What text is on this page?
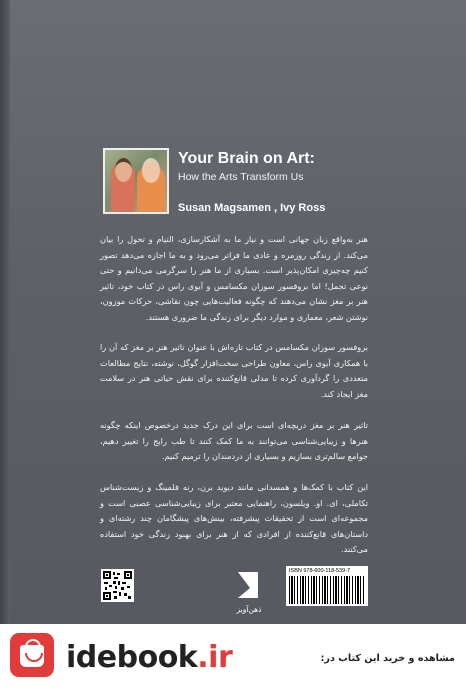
Your Brain on Art:
How the Arts Transform Us
Susan Magsamen , Ivy Ross
هنر به‌واقع زبان جهانی است و نیاز ما به آشکارسازی، التیام و تحول را بیان می‌کند. از زندگی روزمره و عادی ما فراتر می‌رود و به ما اجازه می‌دهد تصور کنیم چه‌چیزی امکان‌پذیر است. بسیاری از ما هنر را سرگرمی می‌دانیم و حتی نوعی تجمل! اما بروفسور سوزان مکسامس و آیوی راس در کتاب خود، تاثیر هنر بر مغز نشان می‌دهند که چگونه فعالیت‌هایی چون نقاشی، حرکات موزون، نوشتن شعر، معماری و موارد دیگر برای زندگی ما ضروری هستند.
بروفسور سوزان مکسامس در کتاب تازه‌اش با عنوان تاثیر هنر بر مغز که آن را با همکاری آیوی راس، معاون طراحی سخت‌افزار گوگل، نوشته، نتایج مطالعات متعددی را گردآوری کرده تا مدلی قانع‌کننده برای نقش حیاتی هنر در سلامت مغز ایجاد کند.
تاثیر هنر بر مغز دریچه‌ای است برای این درک جدید درخصوص اینکه چگونه هنرها و زیبایی‌شناسی می‌توانند به ما کمک کنند تا طب رایج را تغییر دهیم، جوامع سالم‌تری بسازیم و بسیاری از دردمندان را ترمیم کنیم.
این کتاب با کمک‌ها و همسدانی مانند دیوید برن، رنه فلمینگ و زیست‌شناس تکاملی، ای. او. ویلسون، راهنمایی معتبر برای زیبایی‌شناسی عصبی است و مجموعه‌ای است از تحقیقات پیشرفته، بینش‌های پیشگامان چند رشته‌ای و داستان‌های قانع‌کننده از افرادی که از هنر برای بهبود زندگی خود استفاده می‌کنند.
ذهن‌آویز
ISBN 978-600-118-539-7
idebook.ir	مشاهده و خرید این کتاب در:
